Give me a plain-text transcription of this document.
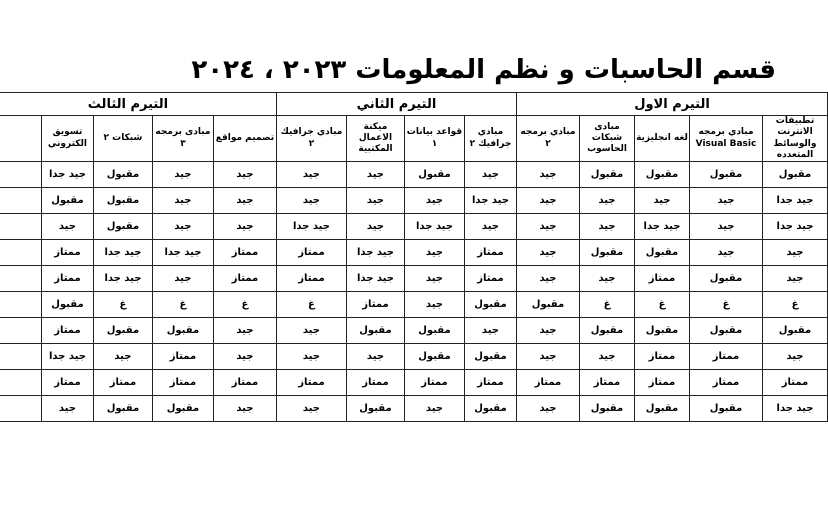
قسم الحاسبات و نظم المعلومات ٢٠٢٣ ، ٢٠٢٤
التيرم الاول					التيرم الثاني				التيرم الثالث				
تطبيقات الانترنت والوسائط المتعدده	مبادي برمجه Visual Basic	لغه انجليزية	مبادى شبكات الحاسوب	مبادي برمجه ٢	مبادي جرافيك ٢	قواعد بيانات ١	ميكنة الاعمال المكتبية	مبادي جرافيك ٢	تصميم مواقع	مبادى برمجه ٣	شبكات ٢	تسويق الكتروني	
مقبول	مقبول	مقبول	مقبول	جيد	جيد	مقبول	جيد	جيد	جيد	جيد	مقبول	جيد جدا	
جيد جدا	جيد	جيد	جيد	جيد	جيد جدا	جيد	جيد	جيد	جيد	جيد	مقبول	مقبول	
جيد جدا	جيد	جيد جدا	جيد	جيد	جيد	جيد جدا	جيد	جيد جدا	جيد	جيد	مقبول	جيد	
جيد	جيد	مقبول	مقبول	جيد	ممتاز	جيد	جيد جدا	ممتاز	ممتاز	جيد جدا	جيد جدا	ممتاز	
جيد	مقبول	ممتاز	جيد	جيد	ممتاز	جيد	جيد جدا	ممتاز	ممتاز	جيد	جيد جدا	ممتاز	
غ	غ	غ	غ	مقبول	مقبول	جيد	ممتاز	غ	غ	غ	غ	مقبول	
مقبول	مقبول	مقبول	مقبول	جيد	جيد	مقبول	مقبول	جيد	جيد	مقبول	مقبول	ممتاز	
جيد	ممتاز	ممتاز	جيد	جيد	مقبول	مقبول	جيد	جيد	جيد	ممتاز	جيد	جيد جدا	
ممتاز	ممتاز	ممتاز	ممتاز	ممتاز	ممتاز	ممتاز	ممتاز	ممتاز	ممتاز	ممتاز	ممتاز	ممتاز	
جيد جدا	مقبول	مقبول	مقبول	جيد	مقبول	جيد	مقبول	جيد	جيد	مقبول	مقبول	جيد	
